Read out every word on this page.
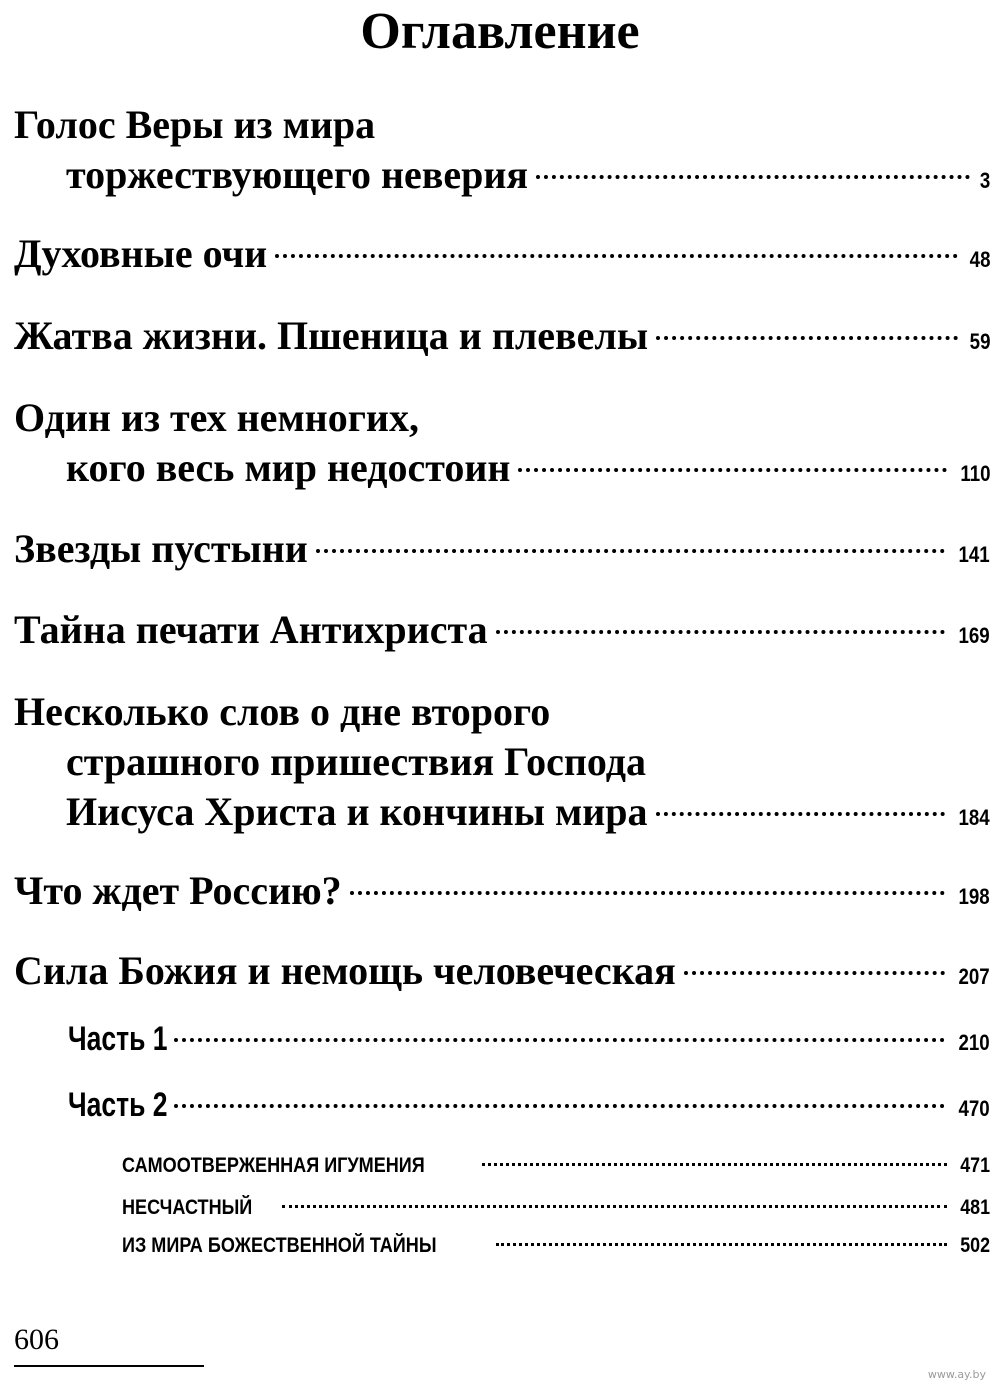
Оглавление
Голос Веры из мира
торжествующего неверия	3
Духовные очи	48
Жатва жизни. Пшеница и плевелы	59
Один из тех немногих,
кого весь мир недостоин	110
Звезды пустыни	141
Тайна печати Антихриста	169
Несколько слов о дне второго
страшного пришествия Господа
Иисуса Христа и кончины мира	184
Что ждет Россию?	198
Сила Божия и немощь человеческая	207
Часть 1	210
Часть 2	470
САМООТВЕРЖЕННАЯ ИГУМЕНИЯ	471
НЕСЧАСТНЫЙ	481
ИЗ МИРА БОЖЕСТВЕННОЙ ТАЙНЫ	502
606
www.ay.by
